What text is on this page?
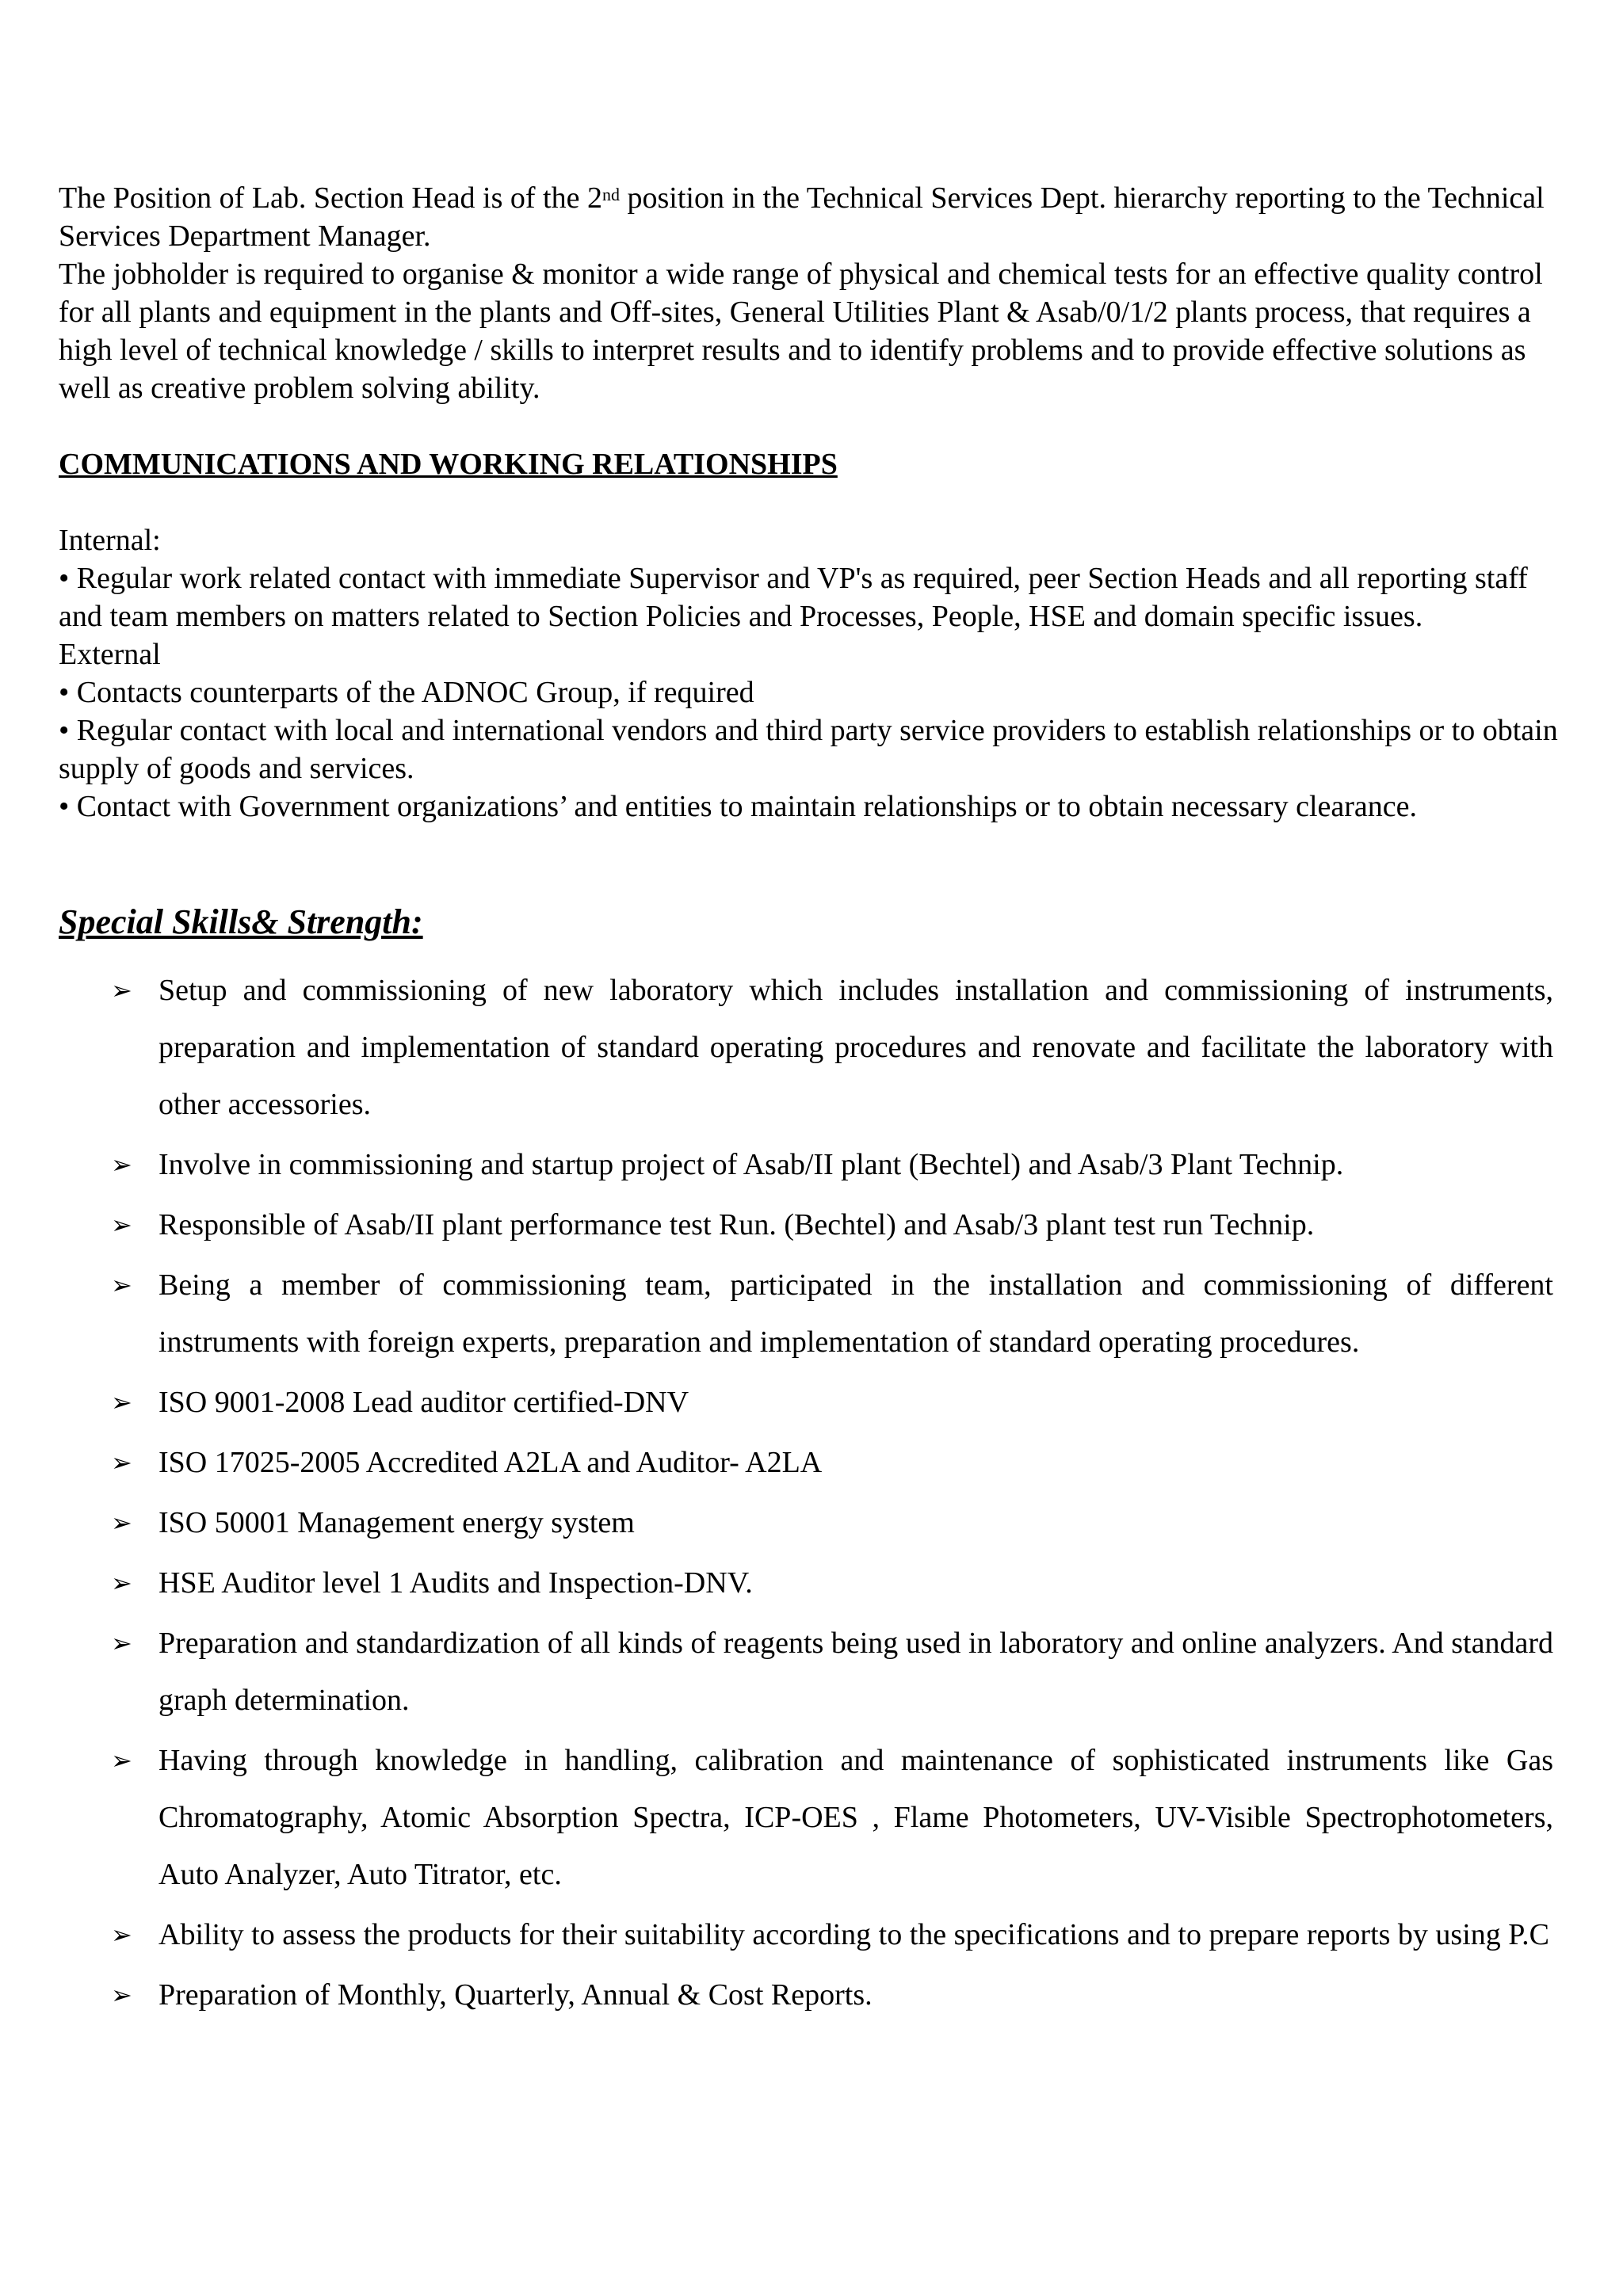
The Position of Lab. Section Head is of the 2nd position in the Technical Services Dept. hierarchy reporting to the Technical Services Department Manager.

The jobholder is required to organise & monitor a wide range of physical and chemical tests for an effective quality control for all plants and equipment in the plants and Off-sites, General Utilities Plant & Asab/0/1/2 plants process, that requires a high level of technical knowledge / skills to interpret results and to identify problems and to provide effective solutions as well as creative problem solving ability.

COMMUNICATIONS AND WORKING RELATIONSHIPS

Internal:

• Regular work related contact with immediate Supervisor and VP's as required, peer Section Heads and all reporting staff and team members on matters related to Section Policies and Processes, People, HSE and domain specific issues.

External

• Contacts counterparts of the ADNOC Group, if required

• Regular contact with local and international vendors and third party service providers to establish relationships or to obtain supply of goods and services.

• Contact with Government organizations’ and entities to maintain relationships or to obtain necessary clearance.

Special Skills& Strength:
➢ Setup and commissioning of new laboratory which includes installation and commissioning of instruments, preparation and implementation of standard operating procedures and renovate and facilitate the laboratory with other accessories.
➢ Involve in commissioning and startup project of Asab/II plant (Bechtel) and Asab/3 Plant Technip.
➢ Responsible of Asab/II plant performance test Run. (Bechtel) and Asab/3 plant test run Technip.
➢ Being a member of commissioning team, participated in the installation and commissioning of different instruments with foreign experts, preparation and implementation of standard operating procedures.
➢ ISO 9001-2008 Lead auditor certified-DNV
➢ ISO 17025-2005 Accredited A2LA and Auditor- A2LA
➢ ISO 50001 Management energy system
➢ HSE Auditor level 1 Audits and Inspection-DNV.
➢ Preparation and standardization of all kinds of reagents being used in laboratory and online analyzers. And standard graph determination.
➢ Having through knowledge in handling, calibration and maintenance of sophisticated instruments like Gas Chromatography, Atomic Absorption Spectra, ICP-OES , Flame Photometers, UV-Visible Spectrophotometers, Auto Analyzer, Auto Titrator, etc.
➢ Ability to assess the products for their suitability according to the specifications and to prepare reports by using P.C
➢ Preparation of Monthly, Quarterly, Annual & Cost Reports.
